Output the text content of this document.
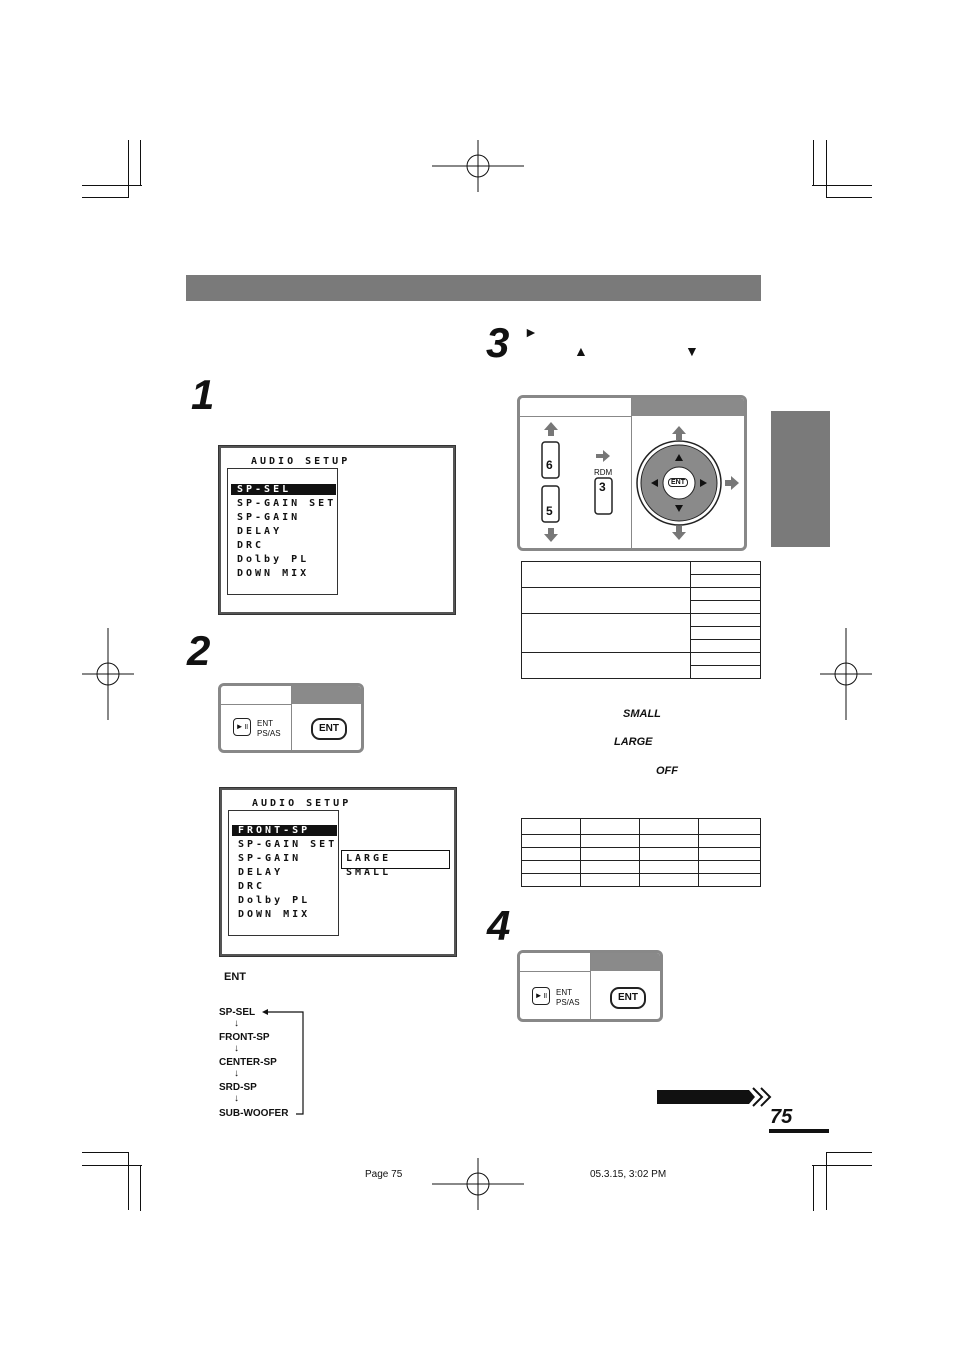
1
2
3
4
►
▲	▼
AUDIO SETUP
SP-SEL
SP-GAIN SET
SP-GAIN
DELAY
DRC
Dolby PL
DOWN MIX
►॥	ENT
PS/AS	ENT
AUDIO SETUP
FRONT-SP
SP-GAIN SET
SP-GAIN
DELAY
DRC
Dolby PL
DOWN MIX
LARGE
SMALL
ENT
SP-SEL
↓
FRONT-SP
↓
CENTER-SP
↓
SRD-SP
↓
SUB-WOOFER
6
5
3
RDM
ENT

SMALL
LARGE
OFF

►॥	ENT
PS/AS	ENT
75
Page 75	05.3.15, 3:02 PM
